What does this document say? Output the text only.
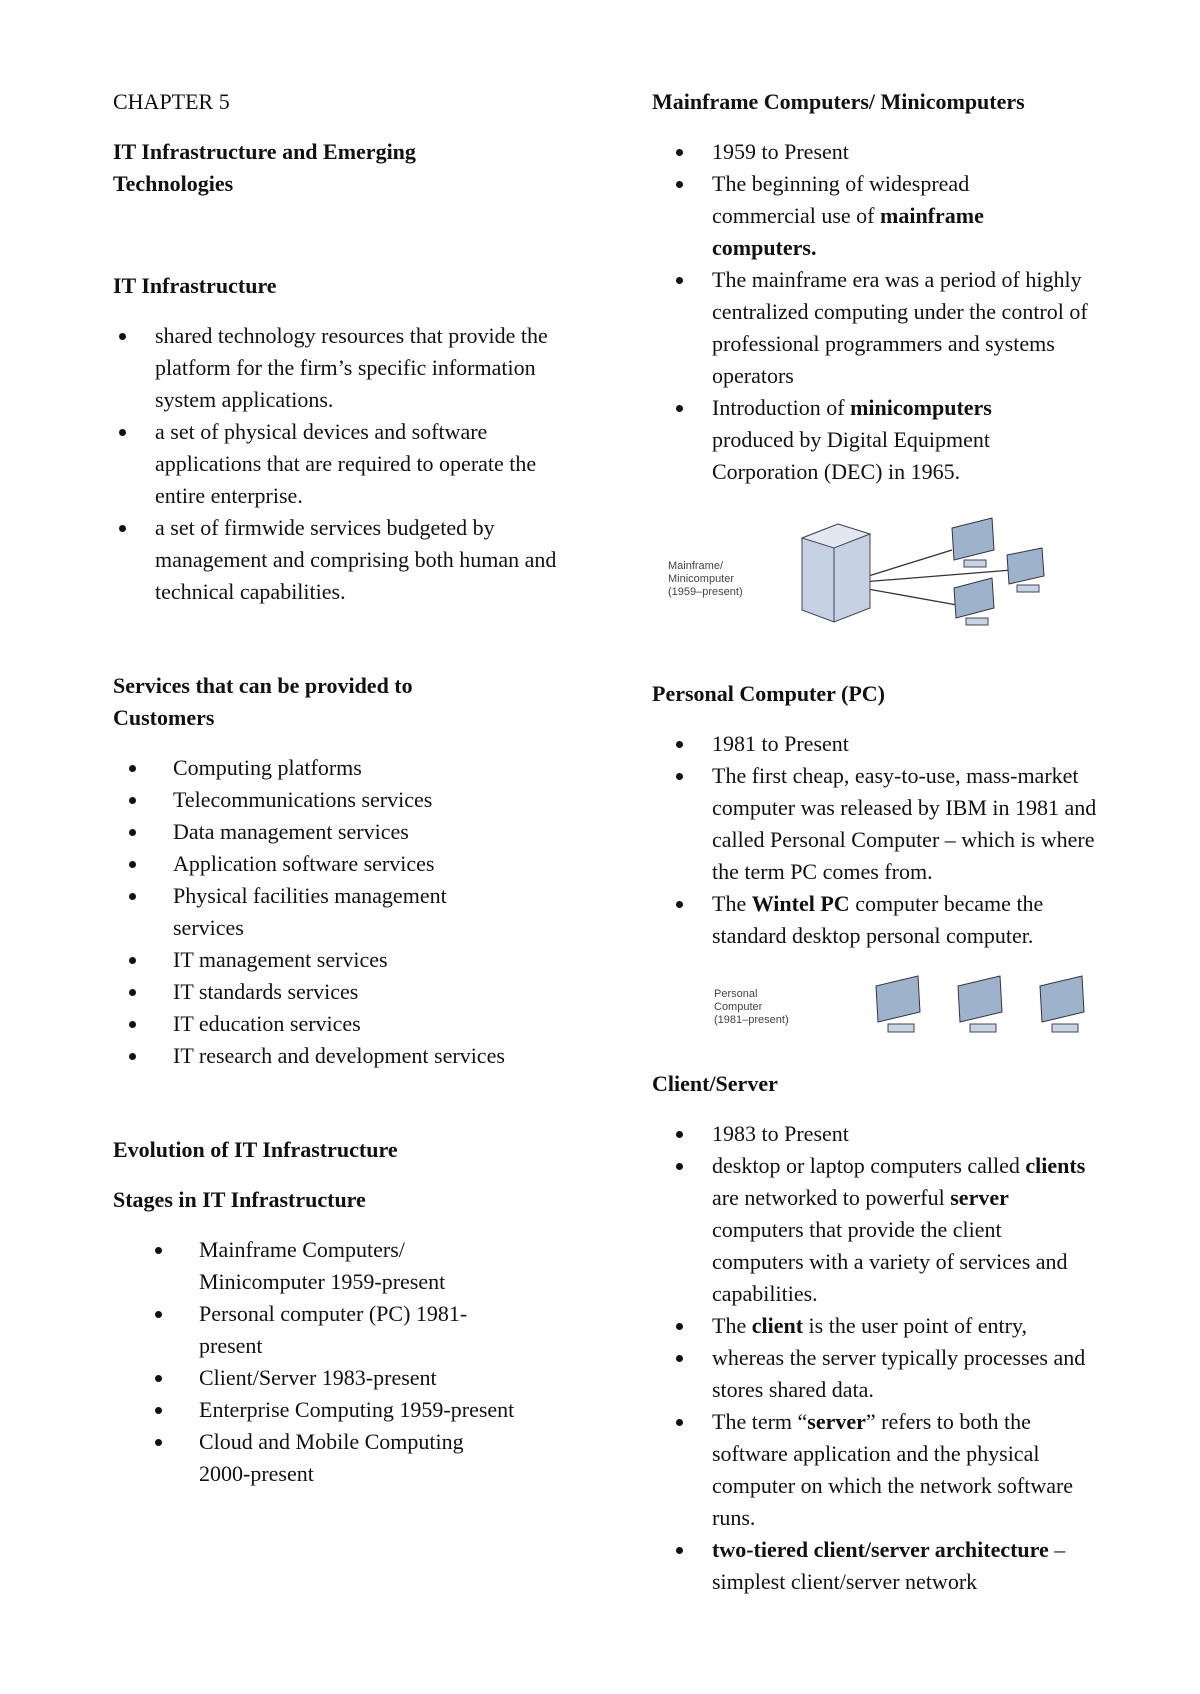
CHAPTER 5

IT Infrastructure and Emerging Technologies

IT Infrastructure

shared technology resources that provide the platform for the firm’s specific information system applications.
a set of physical devices and software applications that are required to operate the entire enterprise.
a set of firmwide services budgeted by management and comprising both human and technical capabilities.

Services that can be provided to Customers

Computing platforms
Telecommunications services
Data management services
Application software services
Physical facilities management services
IT management services
IT standards services
IT education services
IT research and development services

Evolution of IT Infrastructure

Stages in IT Infrastructure

Mainframe Computers/ Minicomputer 1959-present
Personal computer (PC) 1981-present
Client/Server 1983-present
Enterprise Computing 1959-present
Cloud and Mobile Computing 2000-present

Mainframe Computers/ Minicomputers

1959 to Present
The beginning of widespread commercial use of mainframe computers.
The mainframe era was a period of highly centralized computing under the control of professional programmers and systems operators
Introduction of minicomputers produced by Digital Equipment Corporation (DEC) in 1965.
Mainframe/
Minicomputer
(1959–present)

Personal Computer (PC)

1981 to Present
The first cheap, easy-to-use, mass-market computer was released by IBM in 1981 and called Personal Computer – which is where the term PC comes from.
The Wintel PC computer became the standard desktop personal computer.
Personal
Computer
(1981–present)

Client/Server

1983 to Present
desktop or laptop computers called clients are networked to powerful server computers that provide the client computers with a variety of services and capabilities.
The client is the user point of entry,
whereas the server typically processes and stores shared data.
The term “server” refers to both the software application and the physical computer on which the network software runs.
two-tiered client/server architecture – simplest client/server network
